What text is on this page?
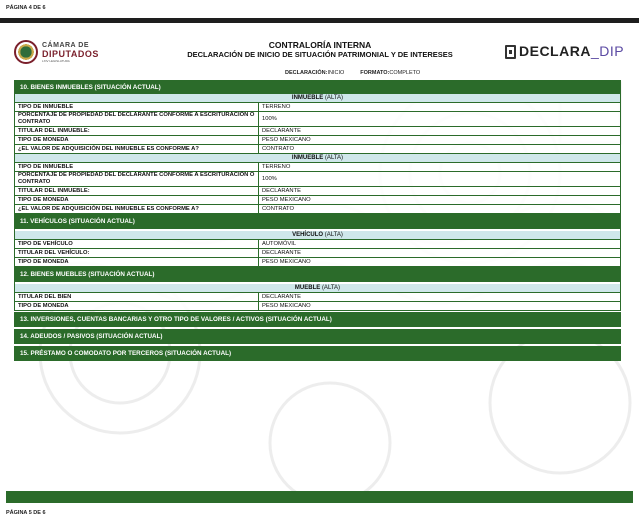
PÁGINA 4 DE 6
CÁMARA DE
DIPUTADOS
LXIV LEGISLATURA
CONTRALORÍA INTERNA
DECLARACIÓN DE INICIO DE SITUACIÓN PATRIMONIAL Y DE INTERESES
DECLARACIÓN:INICIO	FORMATO:COMPLETO
DECLARA_DIP
10. BIENES INMUEBLES (SITUACIÓN ACTUAL)
INMUEBLE (ALTA)
TIPO DE INMUEBLE	TERRENO
PORCENTAJE DE PROPIEDAD DEL DECLARANTE CONFORME A ESCRITURACIÓN O CONTRATO	100%
TITULAR DEL INMUEBLE:	DECLARANTE
TIPO DE MONEDA	PESO MEXICANO
¿EL VALOR DE ADQUISICIÓN DEL INMUEBLE ES CONFORME A?	CONTRATO
INMUEBLE (ALTA)
TIPO DE INMUEBLE	TERRENO
PORCENTAJE DE PROPIEDAD DEL DECLARANTE CONFORME A ESCRITURACIÓN O CONTRATO	100%
TITULAR DEL INMUEBLE:	DECLARANTE
TIPO DE MONEDA	PESO MEXICANO
¿EL VALOR DE ADQUISICIÓN DEL INMUEBLE ES CONFORME A?	CONTRATO
11. VEHÍCULOS (SITUACIÓN ACTUAL)
VEHÍCULO (ALTA)
TIPO DE VEHÍCULO	AUTOMÓVIL
TITULAR DEL VEHÍCULO:	DECLARANTE
TIPO DE MONEDA	PESO MEXICANO
12. BIENES MUEBLES (SITUACIÓN ACTUAL)
MUEBLE (ALTA)
TITULAR DEL BIEN	DECLARANTE
TIPO DE MONEDA	PESO MEXICANO
13. INVERSIONES, CUENTAS BANCARIAS Y OTRO TIPO DE VALORES / ACTIVOS (SITUACIÓN ACTUAL)
14. ADEUDOS / PASIVOS (SITUACIÓN ACTUAL)
15. PRÉSTAMO O COMODATO POR TERCEROS (SITUACIÓN ACTUAL)
PÁGINA 5 DE 6
